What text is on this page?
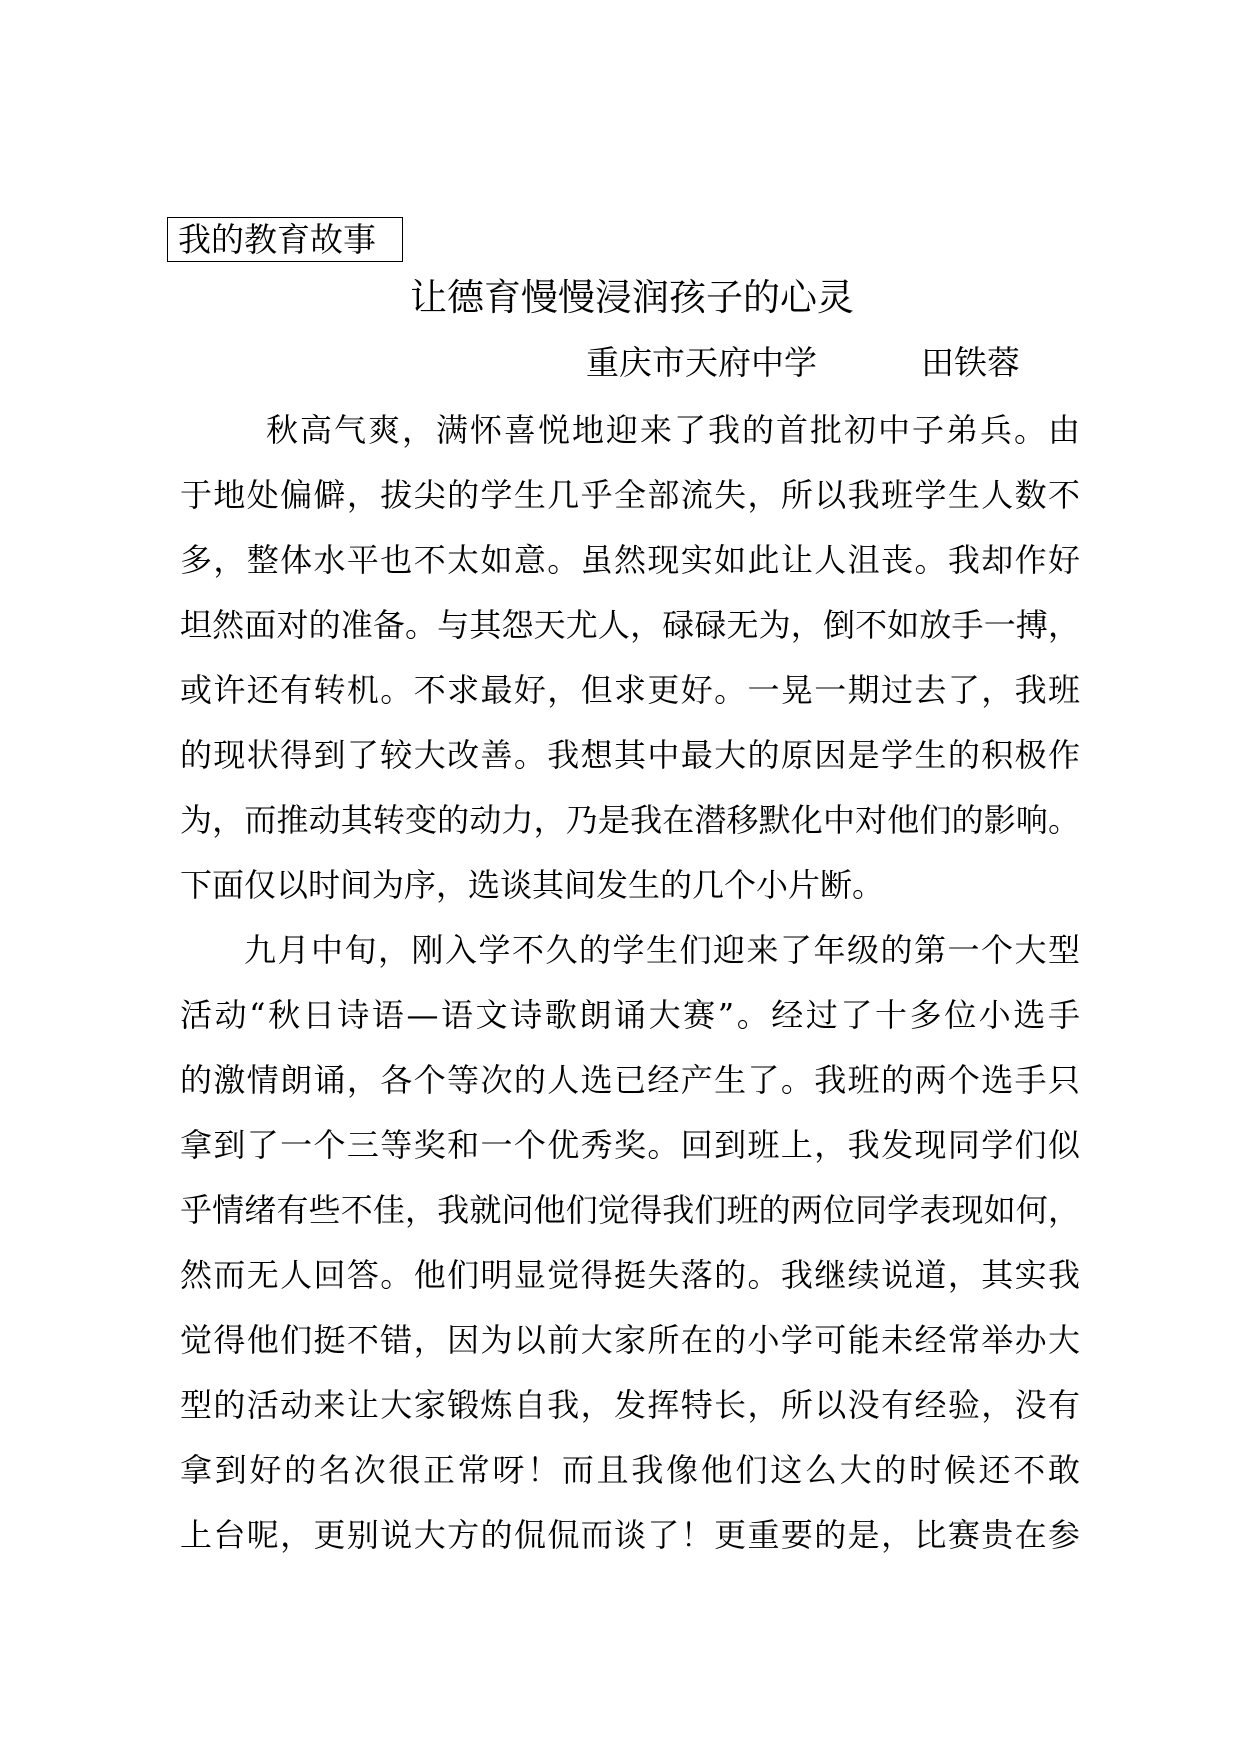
我的教育故事
让德育慢慢浸润孩子的心灵
重庆市天府中学	田铁蓉
秋高气爽，满怀喜悦地迎来了我的首批初中子弟兵。由
于地处偏僻，拔尖的学生几乎全部流失，所以我班学生人数不
多，整体水平也不太如意。虽然现实如此让人沮丧。我却作好
坦然面对的准备。与其怨天尤人，碌碌无为，倒不如放手一搏，
或许还有转机。不求最好，但求更好。一晃一期过去了，我班
的现状得到了较大改善。我想其中最大的原因是学生的积极作
为，而推动其转变的动力，乃是我在潜移默化中对他们的影响。
下面仅以时间为序，选谈其间发生的几个小片断。
九月中旬，刚入学不久的学生们迎来了年级的第一个大型
活动“秋日诗语—语文诗歌朗诵大赛”。经过了十多位小选手
的激情朗诵，各个等次的人选已经产生了。我班的两个选手只
拿到了一个三等奖和一个优秀奖。回到班上，我发现同学们似
乎情绪有些不佳，我就问他们觉得我们班的两位同学表现如何，
然而无人回答。他们明显觉得挺失落的。我继续说道，其实我
觉得他们挺不错，因为以前大家所在的小学可能未经常举办大
型的活动来让大家锻炼自我，发挥特长，所以没有经验，没有
拿到好的名次很正常呀！而且我像他们这么大的时候还不敢
上台呢，更别说大方的侃侃而谈了！更重要的是，比赛贵在参
